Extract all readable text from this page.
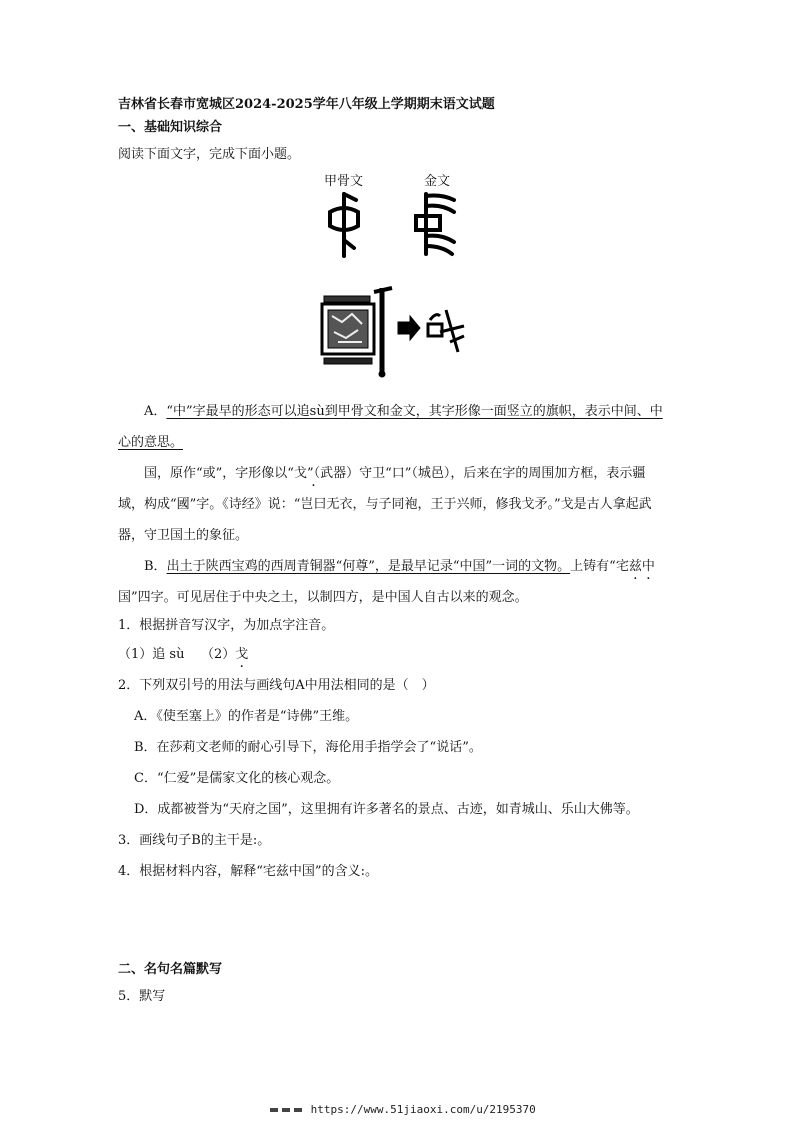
吉林省长春市宽城区2024-2025学年八年级上学期期末语文试题
一、基础知识综合
阅读下面文字，完成下面小题。
甲骨文	金文

A．“中”字最早的形态可以追sù到甲骨文和金文，其字形像一面竖立的旗帜，表示中间、中心的意思。

国，原作“或”，字形像以“戈”（武器）守卫“口”（城邑），后来在字的周围加方框，表示疆域，构成“國”字。《诗经》说：“岂曰无衣，与子同袍，王于兴师，修我戈矛。”戈是古人拿起武器，守卫国土的象征。

B．出土于陕西宝鸡的西周青铜器“何尊”，是最早记录“中国”一词的文物。上铸有“宅兹中国”四字。可见居住于中央之土，以制四方，是中国人自古以来的观念。

1．根据拼音写汉字，为加点字注音。
（1）追 sù （2）戈
2．下列双引号的用法与画线句A中用法相同的是（　）
A．《使至塞上》的作者是“诗佛”王维。
B．在莎莉文老师的耐心引导下，海伦用手指学会了“说话”。
C．“仁爱”是儒家文化的核心观念。
D．成都被誉为“天府之国”，这里拥有许多著名的景点、古迹，如青城山、乐山大佛等。
3．画线句子B的主干是:。
4．根据材料内容，解释“宅兹中国”的含义:。
二、名句名篇默写
5．默写
https://www.51jiaoxi.com/u/2195370
